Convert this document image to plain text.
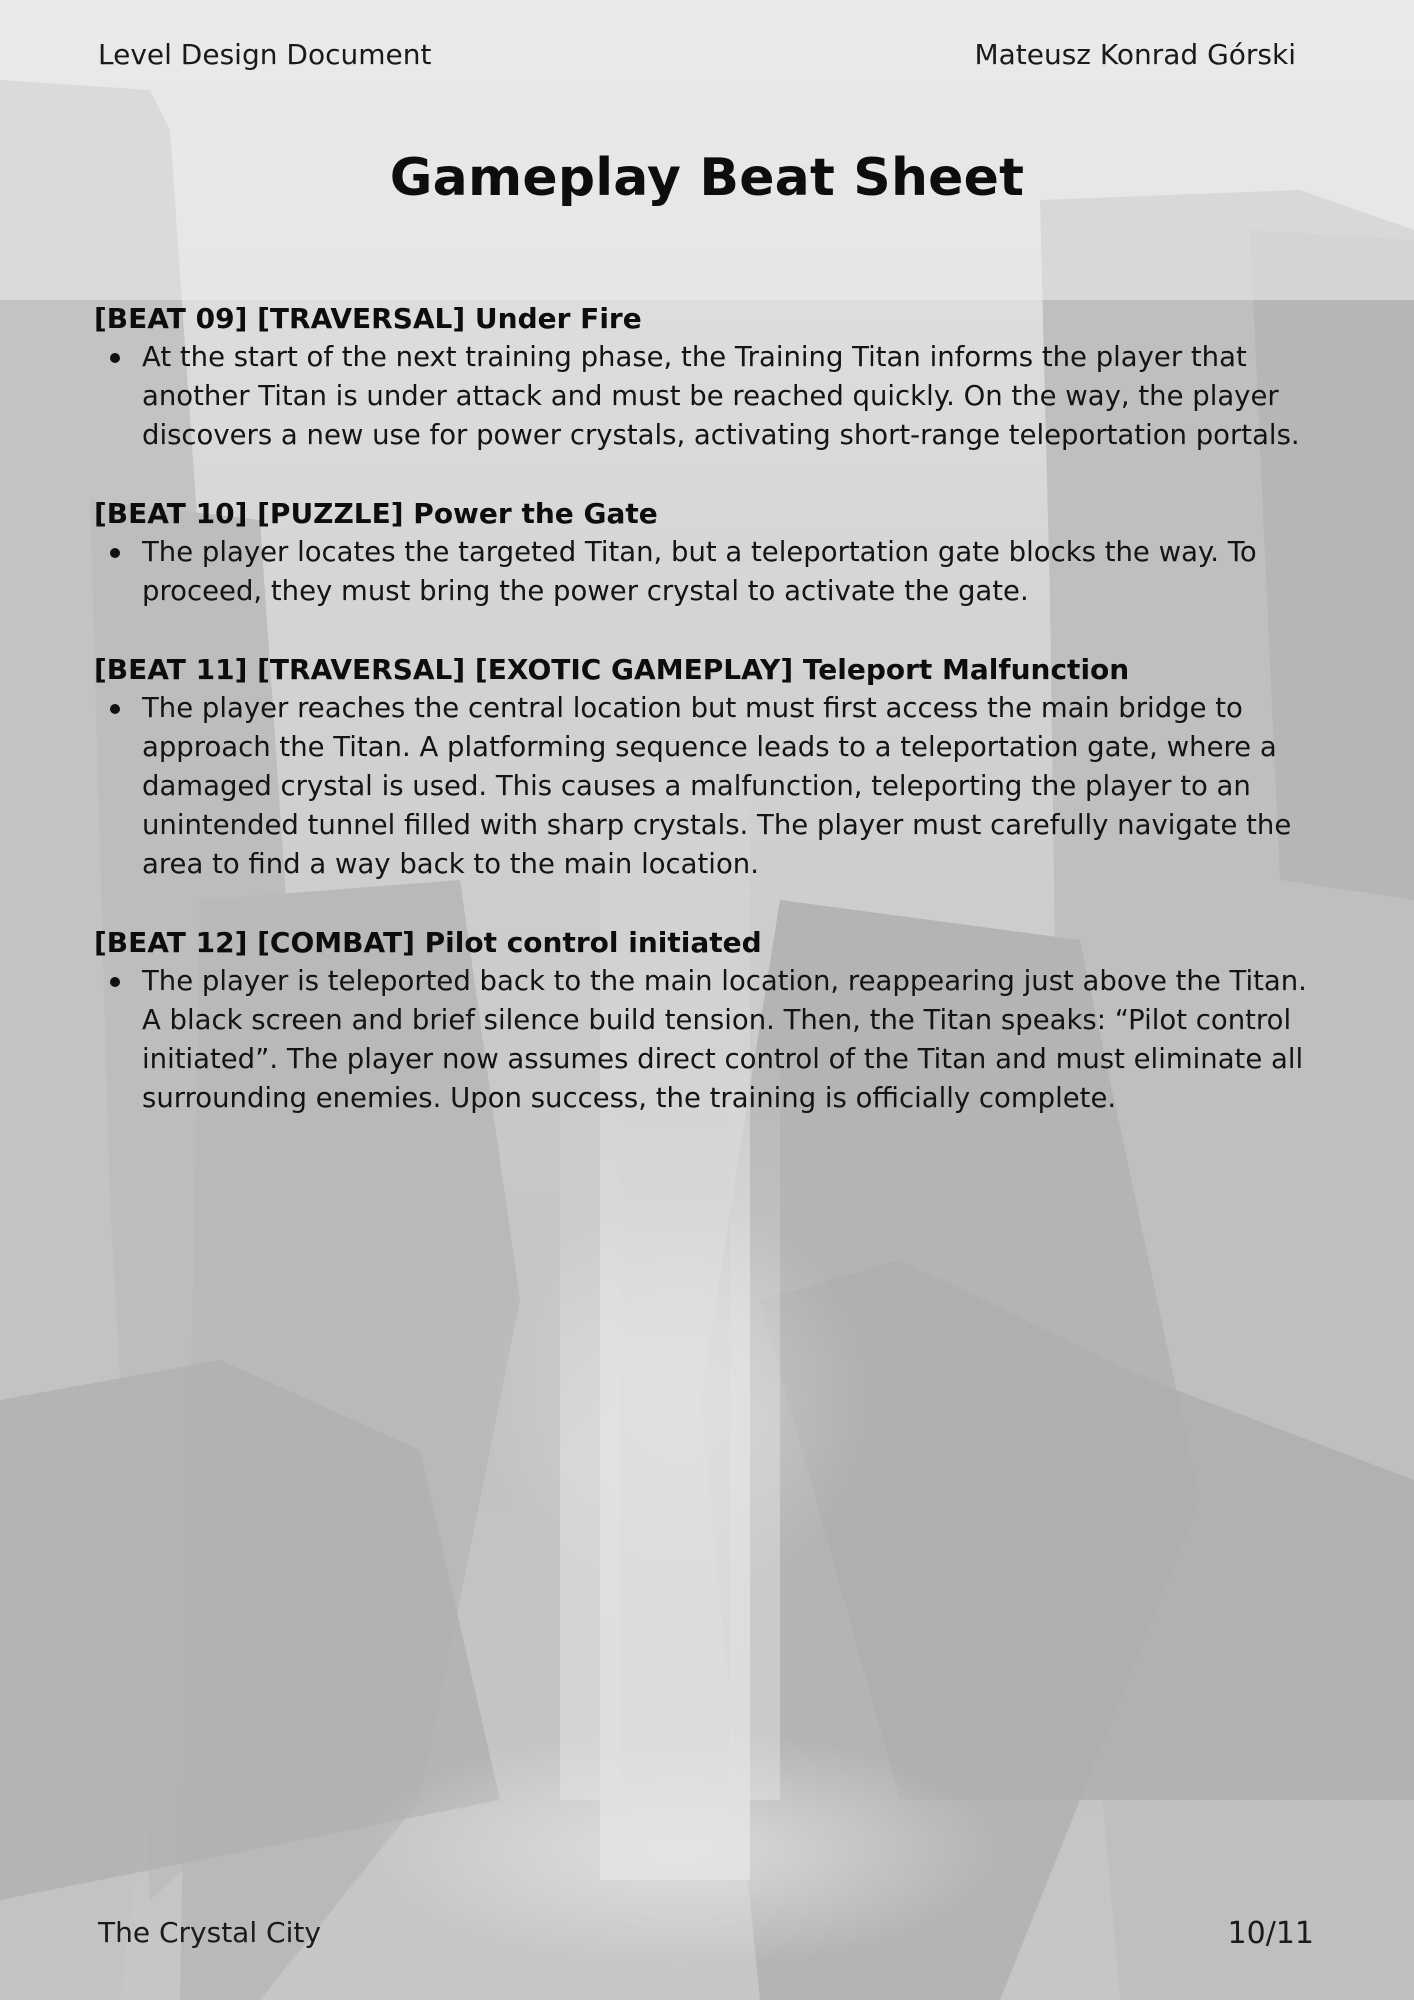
Level Design Document	Mateusz Konrad Górski
Gameplay Beat Sheet

[BEAT 09] [TRAVERSAL] Under Fire

At the start of the next training phase, the Training Titan informs the player that another Titan is under attack and must be reached quickly. On the way, the player discovers a new use for power crystals, activating short-range teleportation portals.

[BEAT 10] [PUZZLE] Power the Gate

The player locates the targeted Titan, but a teleportation gate blocks the way. To proceed, they must bring the power crystal to activate the gate.

[BEAT 11] [TRAVERSAL] [EXOTIC GAMEPLAY] Teleport Malfunction

The player reaches the central location but must first access the main bridge to approach the Titan. A platforming sequence leads to a teleportation gate, where a damaged crystal is used. This causes a malfunction, teleporting the player to an unintended tunnel filled with sharp crystals. The player must carefully navigate the area to find a way back to the main location.

[BEAT 12] [COMBAT] Pilot control initiated

The player is teleported back to the main location, reappearing just above the Titan. A black screen and brief silence build tension. Then, the Titan speaks: “Pilot control initiated”. The player now assumes direct control of the Titan and must eliminate all surrounding enemies. Upon success, the training is officially complete.
The Crystal City	10/11
